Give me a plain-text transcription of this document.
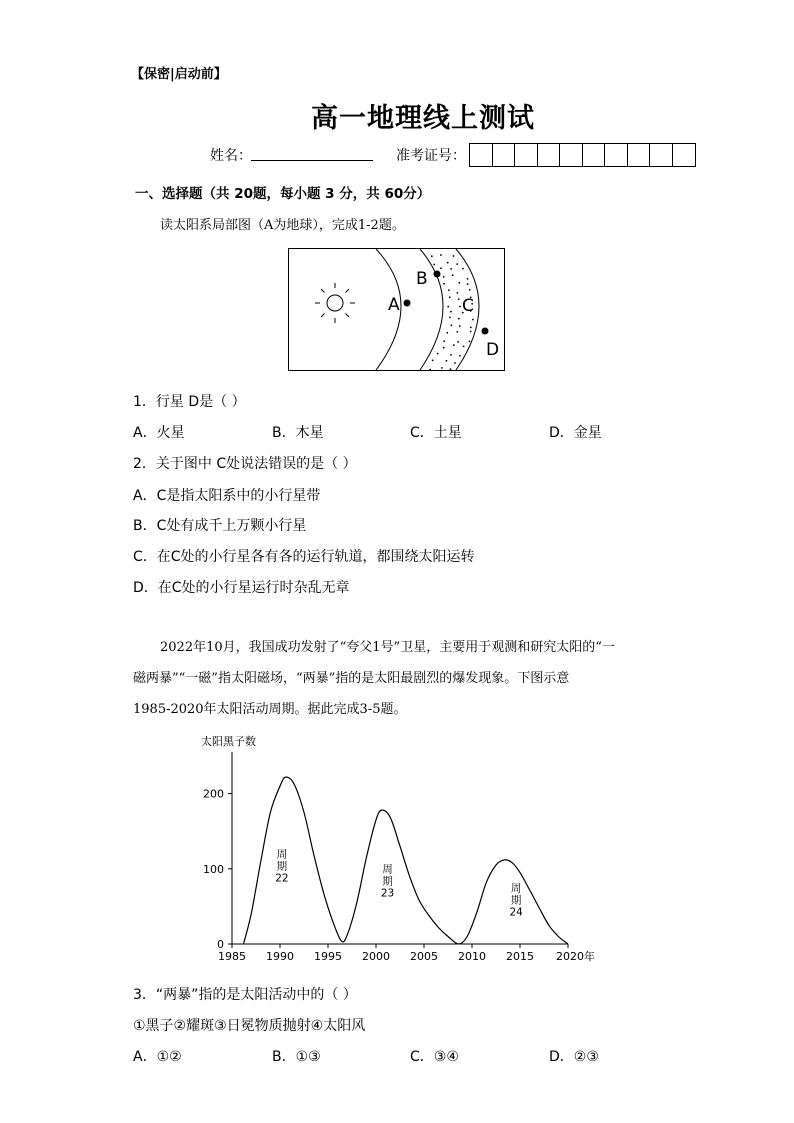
【保密|启动前】
高一地理线上测试
姓名：	准考证号：
一、选择题（共 20题，每小题 3 分，共 60分）
读太阳系局部图（A为地球），完成1-2题。
A
B
C
D
1．行星 D是（ ）
A．火星	B．木星	C．土星	D．金星
2．关于图中 C处说法错误的是（ ）
A．C是指太阳系中的小行星带
B．C处有成千上万颗小行星
C．在C处的小行星各有各的运行轨道，都围绕太阳运转
D．在C处的小行星运行时杂乱无章
2022年10月，我国成功发射了“夸父1号”卫星，主要用于观测和研究太阳的“一
磁两暴”“一磁”指太阳磁场，“两暴”指的是太阳最剧烈的爆发现象。下图示意
1985-2020年太阳活动周期。据此完成3-5题。
太阳黑子数
1985 1990 1995 2000 2005 2010 2015 2020年
0
100
200
周
期
22
周
期
23	周
期
24
3．“两暴”指的是太阳活动中的（ ）
①黑子②耀斑③日冕物质抛射④太阳风
A．①②	B．①③	C．③④	D．②③
